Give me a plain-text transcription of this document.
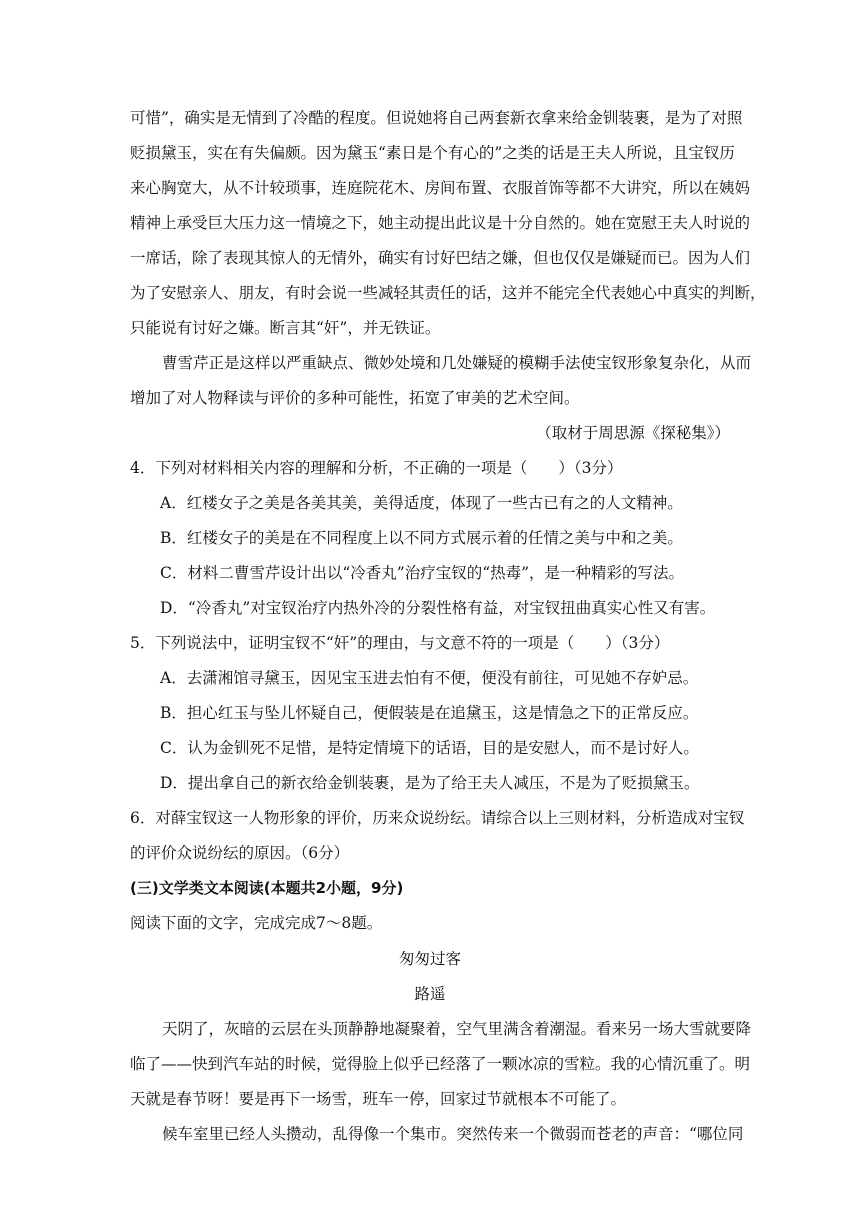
可惜”，确实是无情到了冷酷的程度。但说她将自己两套新衣拿来给金钏装裹，是为了对照
贬损黛玉，实在有失偏颇。因为黛玉“素日是个有心的”之类的话是王夫人所说，且宝钗历
来心胸宽大，从不计较琐事，连庭院花木、房间布置、衣服首饰等都不大讲究，所以在姨妈
精神上承受巨大压力这一情境之下，她主动提出此议是十分自然的。她在宽慰王夫人时说的
一席话，除了表现其惊人的无情外，确实有讨好巴结之嫌，但也仅仅是嫌疑而已。因为人们
为了安慰亲人、朋友，有时会说一些减轻其责任的话，这并不能完全代表她心中真实的判断，
只能说有讨好之嫌。断言其“奸”，并无铁证。
曹雪芹正是这样以严重缺点、微妙处境和几处嫌疑的模糊手法使宝钗形象复杂化，从而
增加了对人物释读与评价的多种可能性，拓宽了审美的艺术空间。
（取材于周思源《探秘集》）
4．下列对材料相关内容的理解和分析，不正确的一项是（　　）（3分）
A．红楼女子之美是各美其美，美得适度，体现了一些古已有之的人文精神。
B．红楼女子的美是在不同程度上以不同方式展示着的任情之美与中和之美。
C．材料二曹雪芹设计出以“冷香丸”治疗宝钗的“热毒”，是一种精彩的写法。
D．“冷香丸”对宝钗治疗内热外冷的分裂性格有益，对宝钗扭曲真实心性又有害。
5．下列说法中，证明宝钗不“奸”的理由，与文意不符的一项是（　　）（3分）
A．去潇湘馆寻黛玉，因见宝玉进去怕有不便，便没有前往，可见她不存妒忌。
B．担心红玉与坠儿怀疑自己，便假装是在追黛玉，这是情急之下的正常反应。
C．认为金钏死不足惜，是特定情境下的话语，目的是安慰人，而不是讨好人。
D．提出拿自己的新衣给金钏装裹，是为了给王夫人减压，不是为了贬损黛玉。
6．对薛宝钗这一人物形象的评价，历来众说纷纭。请综合以上三则材料，分析造成对宝钗
的评价众说纷纭的原因。（6分）
(三)文学类文本阅读(本题共2小题，9分)
阅读下面的文字，完成完成7～8题。
匆匆过客
路遥
天阴了，灰暗的云层在头顶静静地凝聚着，空气里满含着潮湿。看来另一场大雪就要降
临了——快到汽车站的时候，觉得脸上似乎已经落了一颗冰凉的雪粒。我的心情沉重了。明
天就是春节呀！要是再下一场雪，班车一停，回家过节就根本不可能了。
候车室里已经人头攒动，乱得像一个集市。突然传来一个微弱而苍老的声音：“哪位同
